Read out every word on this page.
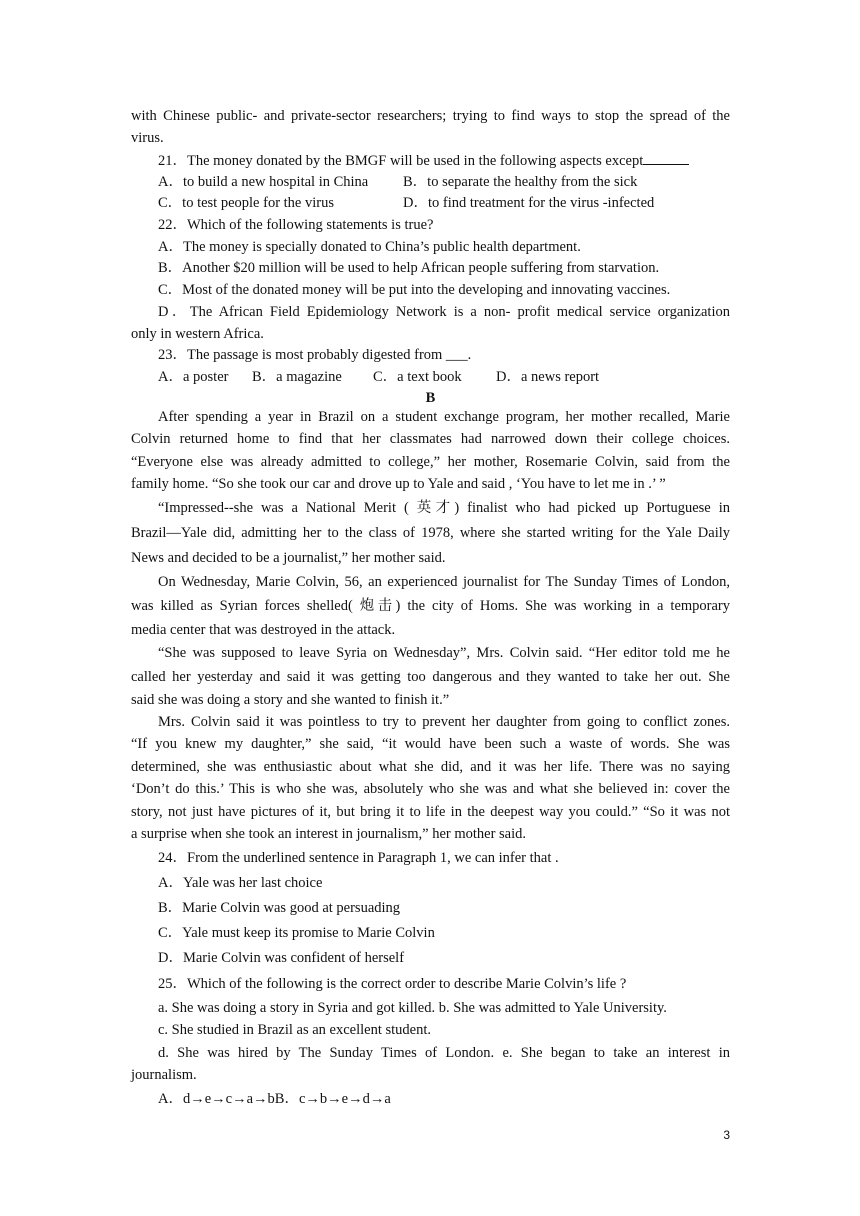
with Chinese public- and private-sector researchers; trying to find ways to stop the spread of the
virus.
21．The money donated by the BMGF will be used in the following aspects except
A．to build a new hospital in China B．to separate the healthy from the sick
C．to test people for the virus	D．to find treatment for the virus -infected
22．Which of the following statements is true?
A．The money is specially donated to China’s public health department.
B．Another $20 million will be used to help African people suffering from starvation.
C．Most of the donated money will be put into the developing and innovating vaccines.
D．The African Field Epidemiology Network is a non- profit medical service organization
only in western Africa.
23．The passage is most probably digested from ___.
A．a poster B．a magazine C．a text book D．a news report
B
After spending a year in Brazil on a student exchange program, her mother recalled, Marie
Colvin returned home to find that her classmates had narrowed down their college choices.
“Everyone else was already admitted to college,” her mother, Rosemarie Colvin, said from the
family home. “So she took our car and drove up to Yale and said , ‘You have to let me in .’ ”
“Impressed--she was a National Merit ( 英才) finalist who had picked up Portuguese in
Brazil—Yale did, admitting her to the class of 1978, where she started writing for the Yale Daily
News and decided to be a journalist,” her mother said.
On Wednesday, Marie Colvin, 56, an experienced journalist for The Sunday Times of London,
was killed as Syrian forces shelled( 炮击) the city of Homs. She was working in a temporary
media center that was destroyed in the attack.
“She was supposed to leave Syria on Wednesday”, Mrs. Colvin said. “Her editor told me he
called her yesterday and said it was getting too dangerous and they wanted to take her out. She
said she was doing a story and she wanted to finish it.”
Mrs. Colvin said it was pointless to try to prevent her daughter from going to conflict zones.
“If you knew my daughter,” she said, “it would have been such a waste of words. She was
determined, she was enthusiastic about what she did, and it was her life. There was no saying
‘Don’t do this.’ This is who she was, absolutely who she was and what she believed in: cover the
story, not just have pictures of it, but bring it to life in the deepest way you could.” “So it was not
a surprise when she took an interest in journalism,” her mother said.
24．From the underlined sentence in Paragraph 1, we can infer that .
A．Yale was her last choice
B．Marie Colvin was good at persuading
C．Yale must keep its promise to Marie Colvin
D．Marie Colvin was confident of herself
25．Which of the following is the correct order to describe Marie Colvin’s life ?
a. She was doing a story in Syria and got killed. b. She was admitted to Yale University.
c. She studied in Brazil as an excellent student.
d. She was hired by The Sunday Times of London. e. She began to take an interest in
journalism.
A．d→e→c→a→bB．c→b→e→d→a
3
